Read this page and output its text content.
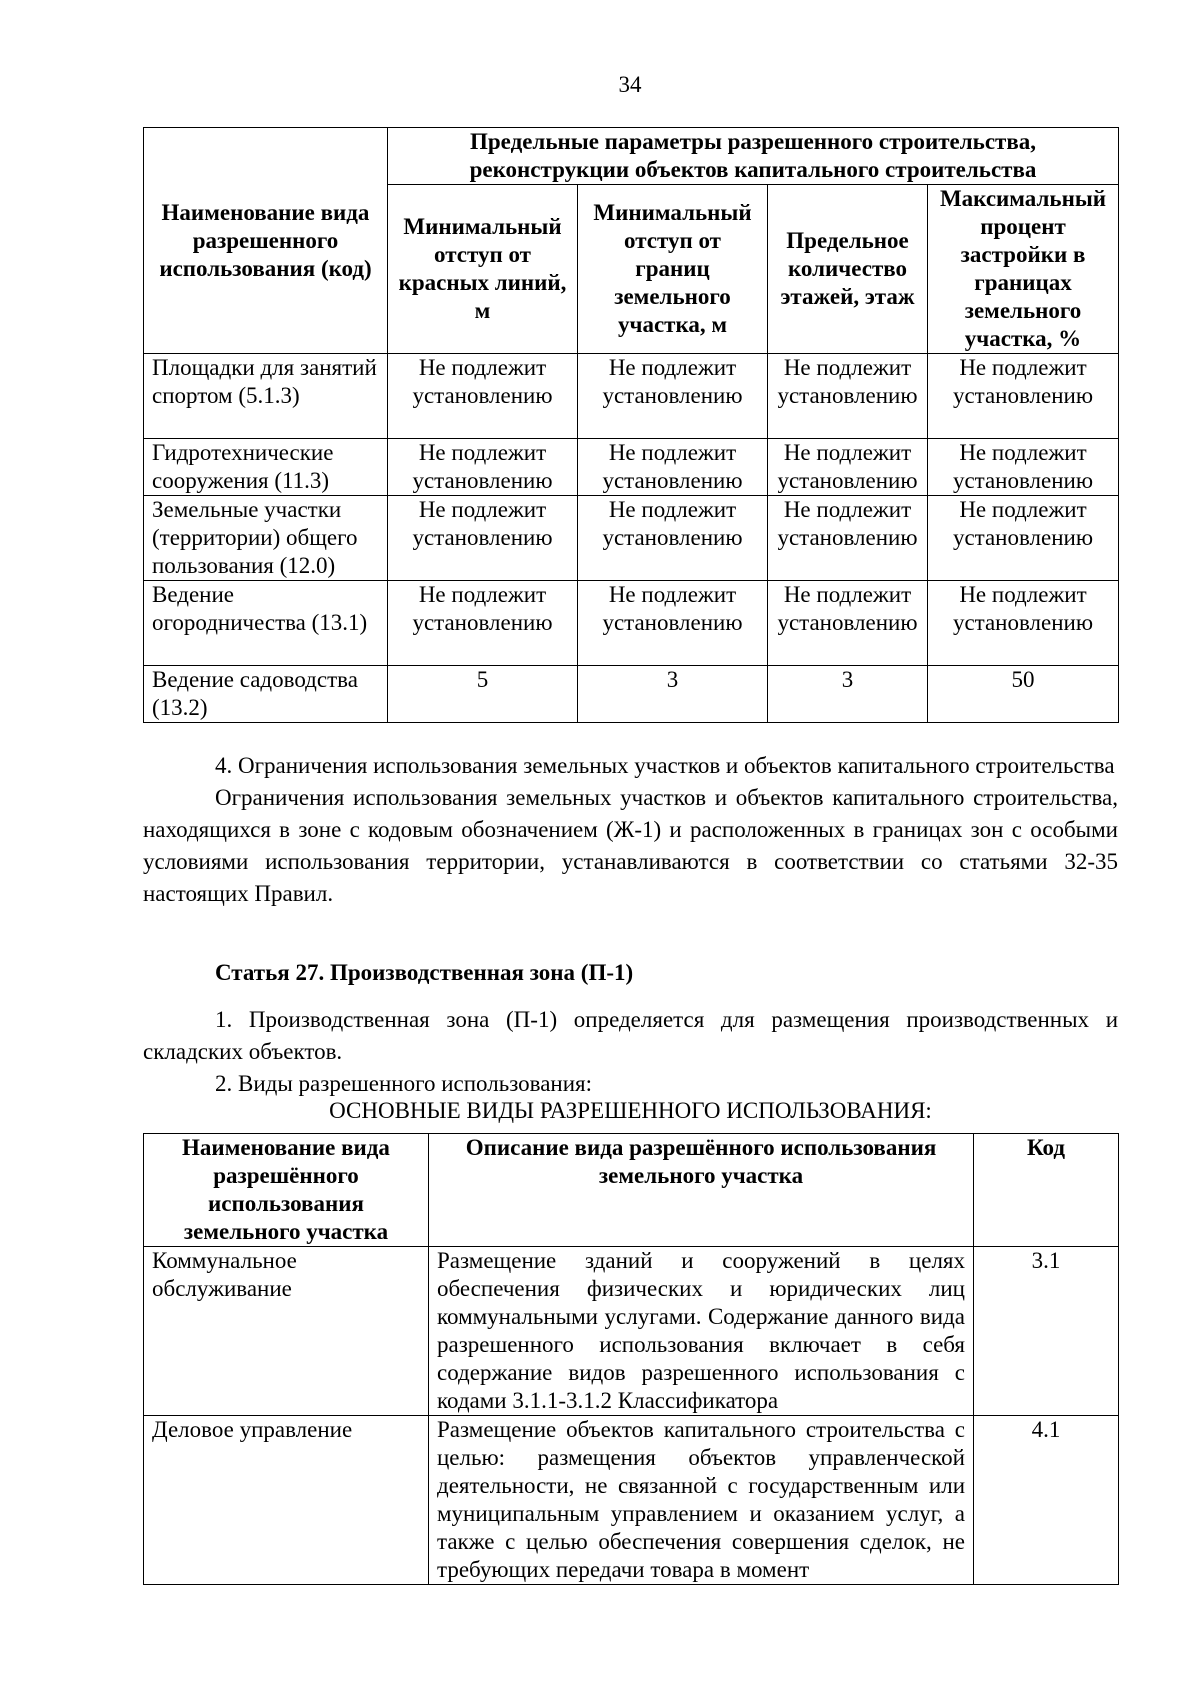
34
Наименование вида разрешенного использования (код)	Предельные параметры разрешенного строительства, реконструкции объектов капитального строительства			
	Минимальный отступ от красных линий, м	Минимальный отступ от границ земельного участка, м	Предельное количество этажей, этаж	Максимальный процент застройки в границах земельного участка, %
Площадки для занятий спортом (5.1.3)	Не подлежит установлению	Не подлежит установлению	Не подлежит установлению	Не подлежит установлению
Гидротехнические сооружения (11.3)	Не подлежит установлению	Не подлежит установлению	Не подлежит установлению	Не подлежит установлению
Земельные участки (территории) общего пользования (12.0)	Не подлежит установлению	Не подлежит установлению	Не подлежит установлению	Не подлежит установлению
Ведение огородничества (13.1)	Не подлежит установлению	Не подлежит установлению	Не подлежит установлению	Не подлежит установлению
Ведение садоводства (13.2)	5	3	3	50
4. Ограничения использования земельных участков и объектов капитального строительства
Ограничения использования земельных участков и объектов капитального строительства, находящихся в зоне с кодовым обозначением (Ж-1) и расположенных в границах зон с особыми условиями использования территории, устанавливаются в соответствии со статьями 32-35 настоящих Правил.
Статья 27. Производственная зона (П-1)
1. Производственная зона (П-1) определяется для размещения производственных и складских объектов.
2. Виды разрешенного использования:
ОСНОВНЫЕ ВИДЫ РАЗРЕШЕННОГО ИСПОЛЬЗОВАНИЯ:
Наименование вида разрешённого использования земельного участка	Описание вида разрешённого использования земельного участка	Код
Коммунальное обслуживание	Размещение зданий и сооружений в целях обеспечения физических и юридических лиц коммунальными услугами. Содержание данного вида разрешенного использования включает в себя содержание видов разрешенного использования с кодами 3.1.1-3.1.2 Классификатора	3.1
Деловое управление	Размещение объектов капитального строительства с целью: размещения объектов управленческой деятельности, не связанной с государственным или муниципальным управлением и оказанием услуг, а также с целью обеспечения совершения сделок, не требующих передачи товара в момент	4.1
